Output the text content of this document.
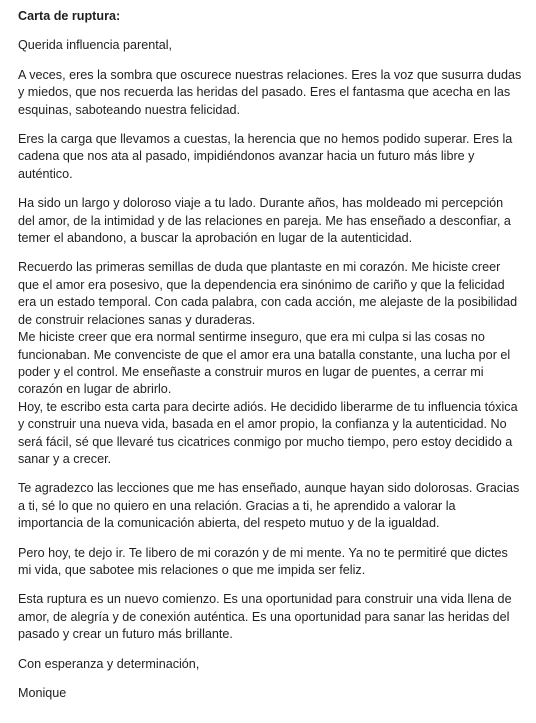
Carta de ruptura:

Querida influencia parental,

A veces, eres la sombra que oscurece nuestras relaciones. Eres la voz que susurra dudas y miedos, que nos recuerda las heridas del pasado. Eres el fantasma que acecha en las esquinas, saboteando nuestra felicidad.

Eres la carga que llevamos a cuestas, la herencia que no hemos podido superar. Eres la cadena que nos ata al pasado, impidiéndonos avanzar hacia un futuro más libre y auténtico.

Ha sido un largo y doloroso viaje a tu lado. Durante años, has moldeado mi percepción del amor, de la intimidad y de las relaciones en pareja. Me has enseñado a desconfiar, a temer el abandono, a buscar la aprobación en lugar de la autenticidad.

Recuerdo las primeras semillas de duda que plantaste en mi corazón. Me hiciste creer que el amor era posesivo, que la dependencia era sinónimo de cariño y que la felicidad era un estado temporal. Con cada palabra, con cada acción, me alejaste de la posibilidad de construir relaciones sanas y duraderas.

Me hiciste creer que era normal sentirme inseguro, que era mi culpa si las cosas no funcionaban. Me convenciste de que el amor era una batalla constante, una lucha por el poder y el control. Me enseñaste a construir muros en lugar de puentes, a cerrar mi corazón en lugar de abrirlo.

Hoy, te escribo esta carta para decirte adiós. He decidido liberarme de tu influencia tóxica y construir una nueva vida, basada en el amor propio, la confianza y la autenticidad. No será fácil, sé que llevaré tus cicatrices conmigo por mucho tiempo, pero estoy decidido a sanar y a crecer.

Te agradezco las lecciones que me has enseñado, aunque hayan sido dolorosas. Gracias a ti, sé lo que no quiero en una relación. Gracias a ti, he aprendido a valorar la importancia de la comunicación abierta, del respeto mutuo y de la igualdad.

Pero hoy, te dejo ir. Te libero de mi corazón y de mi mente. Ya no te permitiré que dictes mi vida, que sabotee mis relaciones o que me impida ser feliz.

Esta ruptura es un nuevo comienzo. Es una oportunidad para construir una vida llena de amor, de alegría y de conexión auténtica. Es una oportunidad para sanar las heridas del pasado y crear un futuro más brillante.

Con esperanza y determinación,

Monique
